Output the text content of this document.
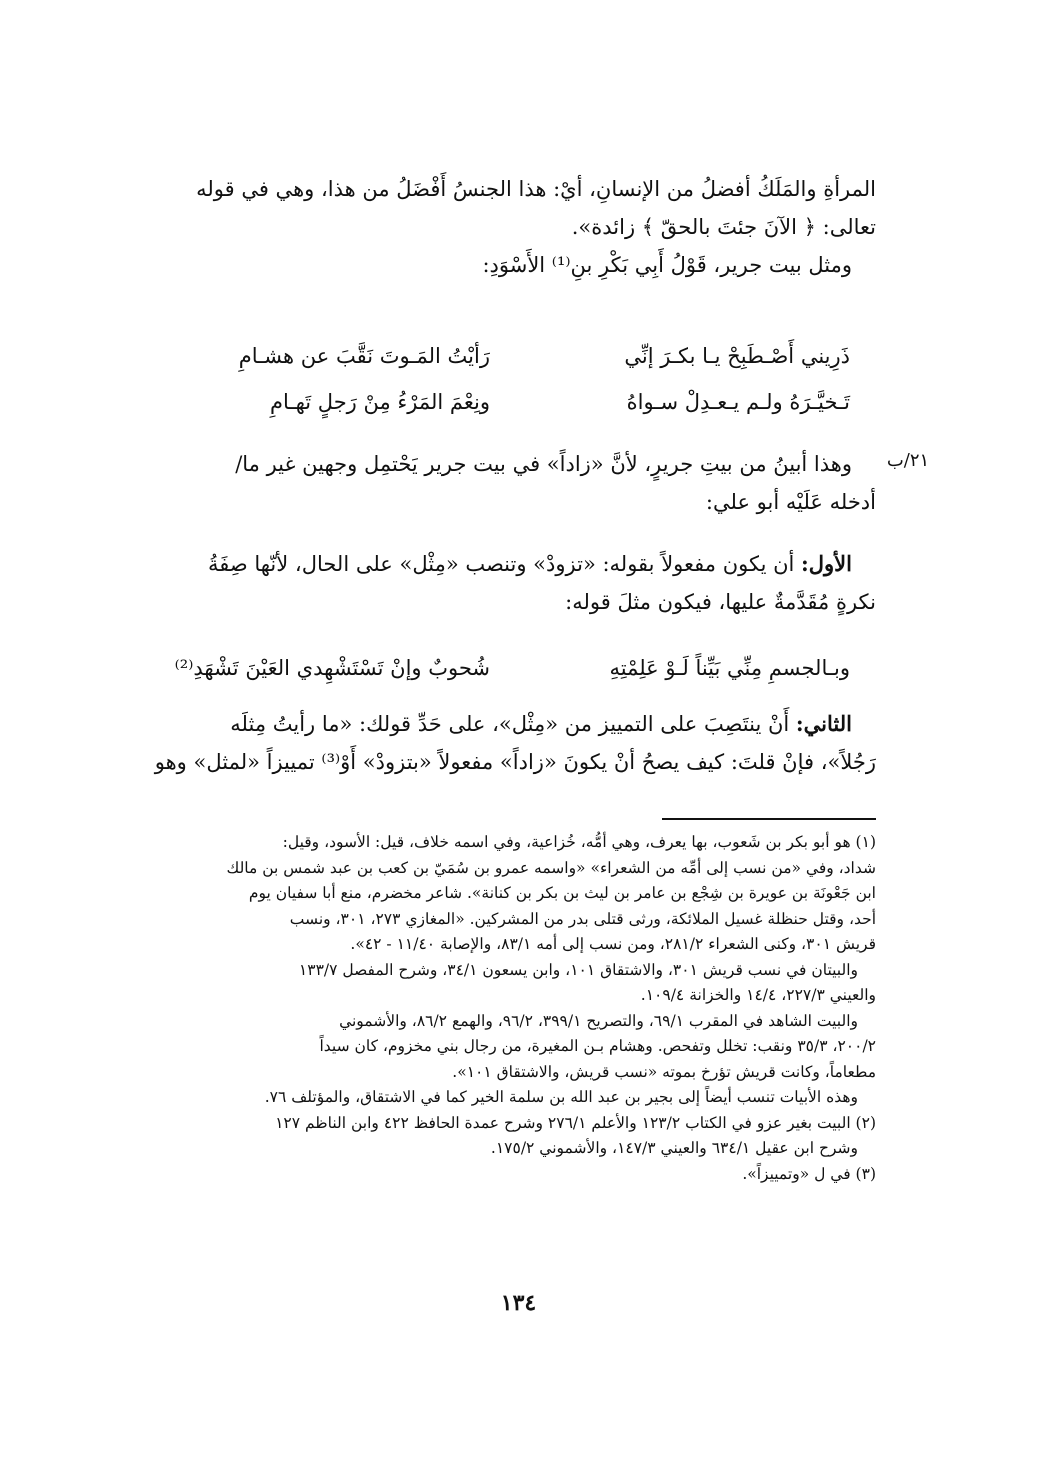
المرأةِ والمَلَكُ أفضلُ من الإنسانِ، أيْ: هذا الجنسُ أَفْضَلُ من هذا، وهي في قوله
تعالى: ﴿ الآنَ جئتَ بالحقّ ﴾ زائدة».
ومثل بيت جرير، قَوْلُ أَبِي بَكْرِ بنِ⁽¹⁾ الأَسْوَدِ:
ذَرِيني أَصْـطَبِحْ يـا بكـرَ إنِّي
رَأيْتُ المَـوتَ نَقَّبَ عن هشـامِ
تَـخيَّـرَهُ ولـم يـعـدِلْ سـواهُ
ونِعْمَ المَرْءُ مِنْ رَجلٍ تَهـامِ
٢١/ب
وهذا أبينُ من بيتِ جريرٍ، لأنَّ «زاداً» في بيت جرير يَحْتمِل وجهين غير ما/
أدخله عَلَيْه أبو علي:
الأول: أن يكون مفعولاً بقوله: «تزودْ» وتنصب «مِثْل» على الحال، لأنّها صِفَةُ
نكرةٍ مُقَدَّمةٌ عليها، فيكون مثلَ قوله:
وبـالجسمِ مِنِّي بَيِّناً لَـوْ عَلِمْتِهِ
شُحوبٌ وإنْ تَسْتَشْهِدي العَيْنَ تَشْهَدِ⁽²⁾
الثاني: أَنْ ينتَصِبَ على التمييز من «مِثْل»، على حَدِّ قولك: «ما رأيتُ مِثلَه
رَجُلاً»، فإنْ قلتَ: كيف يصحُ أنْ يكونَ «زاداً» مفعولاً «بتزودْ» أَوْ⁽³⁾ تمييزاً «لمثل» وهو
(١) هو أبو بكر بن شَعوب، بها يعرف، وهي أمُّه، خُزاعية، وفي اسمه خلاف، قيل: الأسود، وقيل:
شداد، وفي «من نسب إلى أمِّه من الشعراء» «واسمه عمرو بن سُمَيّ بن كعب بن عبد شمس بن مالك
ابن جَعْونَة بن عويرة بن شِجْع بن عامر بن ليث بن بكر بن كنانة». شاعر مخضرم، منع أبا سفيان يوم
أحد، وقتل حنظلة غسيل الملائكة، ورثى قتلى بدر من المشركين. «المغازي ٢٧٣، ٣٠١، ونسب
قريش ٣٠١، وكنى الشعراء ٢٨١/٢، ومن نسب إلى أمه ٨٣/١، والإصابة ١١/٤٠ - ٤٢».
والبيتان في نسب قريش ٣٠١، والاشتقاق ١٠١، وابن يسعون ٣٤/١، وشرح المفصل ١٣٣/٧
والعيني ٢٢٧/٣، ١٤/٤ والخزانة ١٠٩/٤.
والبيت الشاهد في المقرب ٦٩/١، والتصريح ٣٩٩/١، ٩٦/٢، والهمع ٨٦/٢، والأشموني
٢٠٠/٢، ٣٥/٣ ونقب: تخلل وتفحص. وهشام بـن المغيرة، من رجال بني مخزوم، كان سيداً
مطعاماً، وكانت قريش تؤرخ بموته «نسب قريش، والاشتقاق ١٠١».
وهذه الأبيات تنسب أيضاً إلى بجير بن عبد الله بن سلمة الخير كما في الاشتقاق، والمؤتلف ٧٦.
(٢) البيت بغير عزو في الكتاب ١٢٣/٢ والأعلم ٢٧٦/١ وشرح عمدة الحافظ ٤٢٢ وابن الناظم ١٢٧
وشرح ابن عقيل ٦٣٤/١ والعيني ١٤٧/٣، والأشموني ١٧٥/٢.
(٣) في ل «وتمييزاً».
١٣٤
